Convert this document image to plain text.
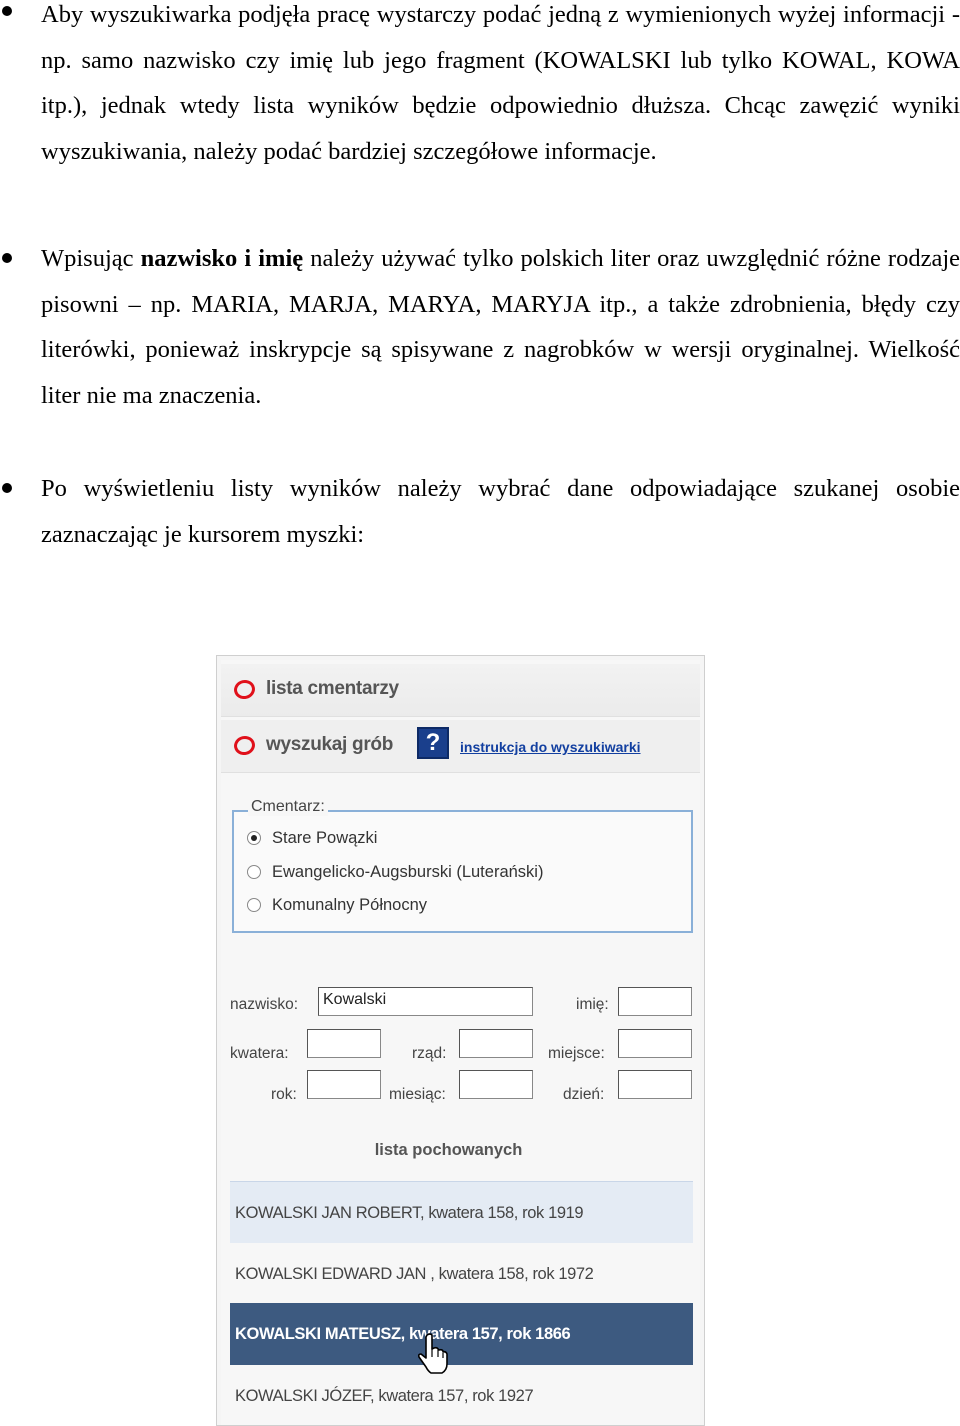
Aby wyszukiwarka podjęła pracę wystarczy podać jedną z wymienionych wyżej informacji - np. samo nazwisko czy imię lub jego fragment (KOWALSKI lub tylko KOWAL, KOWA itp.), jednak wtedy lista wyników będzie odpowiednio dłuższa. Chcąc zawęzić wyniki wyszukiwania, należy podać bardziej szczegółowe informacje.

Wpisując nazwisko i imię należy używać tylko polskich liter oraz uwzględnić różne rodzaje pisowni – np. MARIA, MARJA, MARYA, MARYJA itp., a także zdrobnienia, błędy czy literówki, ponieważ inskrypcje są spisywane z nagrobków w wersji oryginalnej. Wielkość liter nie ma znaczenia.

Po wyświetleniu listy wyników należy wybrać dane odpowiadające szukanej osobie zaznaczając je kursorem myszki:

lista cmentarzy
wyszukaj grób	?	instrukcja do wyszukiwarki
Cmentarz:
Stare Powązki
Ewangelicko-Augsburski (Luterański)
Komunalny Północny
nazwisko:	Kowalski	imię:
kwatera:	rząd:	miejsce:
rok:	miesiąc:	dzień:
lista pochowanych
KOWALSKI JAN ROBERT, kwatera 158, rok 1919
KOWALSKI EDWARD JAN , kwatera 158, rok 1972
KOWALSKI MATEUSZ, kwatera 157, rok 1866
KOWALSKI JÓZEF, kwatera 157, rok 1927
